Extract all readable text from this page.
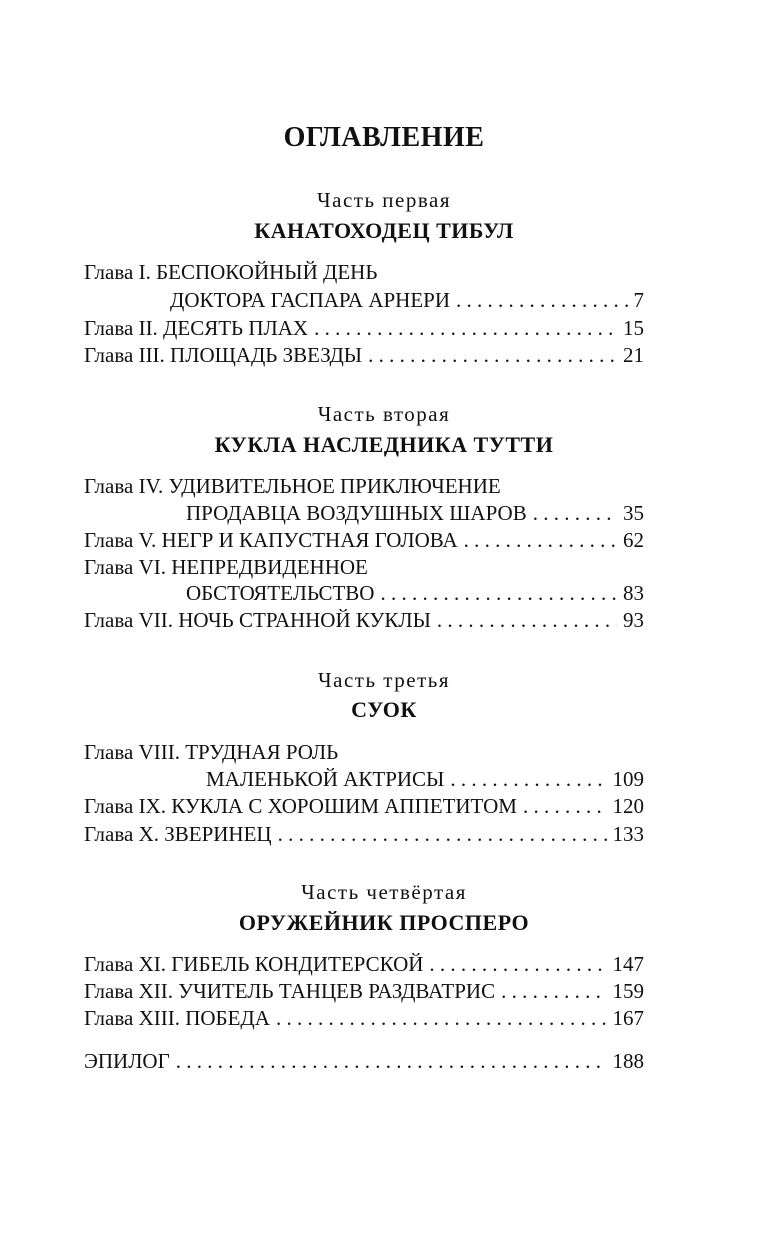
ОГЛАВЛЕНИЕ
Часть первая
КАНАТОХОДЕЦ ТИБУЛ
Глава I. БЕСПОКОЙНЫЙ ДЕНЬ
ДОКТОРА ГАСПАРА АРНЕРИ . . .	7
Глава II. ДЕСЯТЬ ПЛАХ . . .	15
Глава III. ПЛОЩАДЬ ЗВЕЗДЫ . . .	21
Часть вторая
КУКЛА НАСЛЕДНИКА ТУТТИ
Глава IV. УДИВИТЕЛЬНОЕ ПРИКЛЮЧЕНИЕ
ПРОДАВЦА ВОЗДУШНЫХ ШАРОВ . . .	35
Глава V. НЕГР И КАПУСТНАЯ ГОЛОВА . . .	62
Глава VI. НЕПРЕДВИДЕННОЕ
ОБСТОЯТЕЛЬСТВО . . .	83
Глава VII. НОЧЬ СТРАННОЙ КУКЛЫ . . .	93
Часть третья
СУОК
Глава VIII. ТРУДНАЯ РОЛЬ
МАЛЕНЬКОЙ АКТРИСЫ . . .	109
Глава IX. КУКЛА С ХОРОШИМ АППЕТИТОМ . . .	120
Глава X. ЗВЕРИНЕЦ . . .	133
Часть четвёртая
ОРУЖЕЙНИК ПРОСПЕРО
Глава XI. ГИБЕЛЬ КОНДИТЕРСКОЙ . . .	147
Глава XII. УЧИТЕЛЬ ТАНЦЕВ РАЗДВАТРИС . . .	159
Глава XIII. ПОБЕДА . . .	167
ЭПИЛОГ . . .	188
